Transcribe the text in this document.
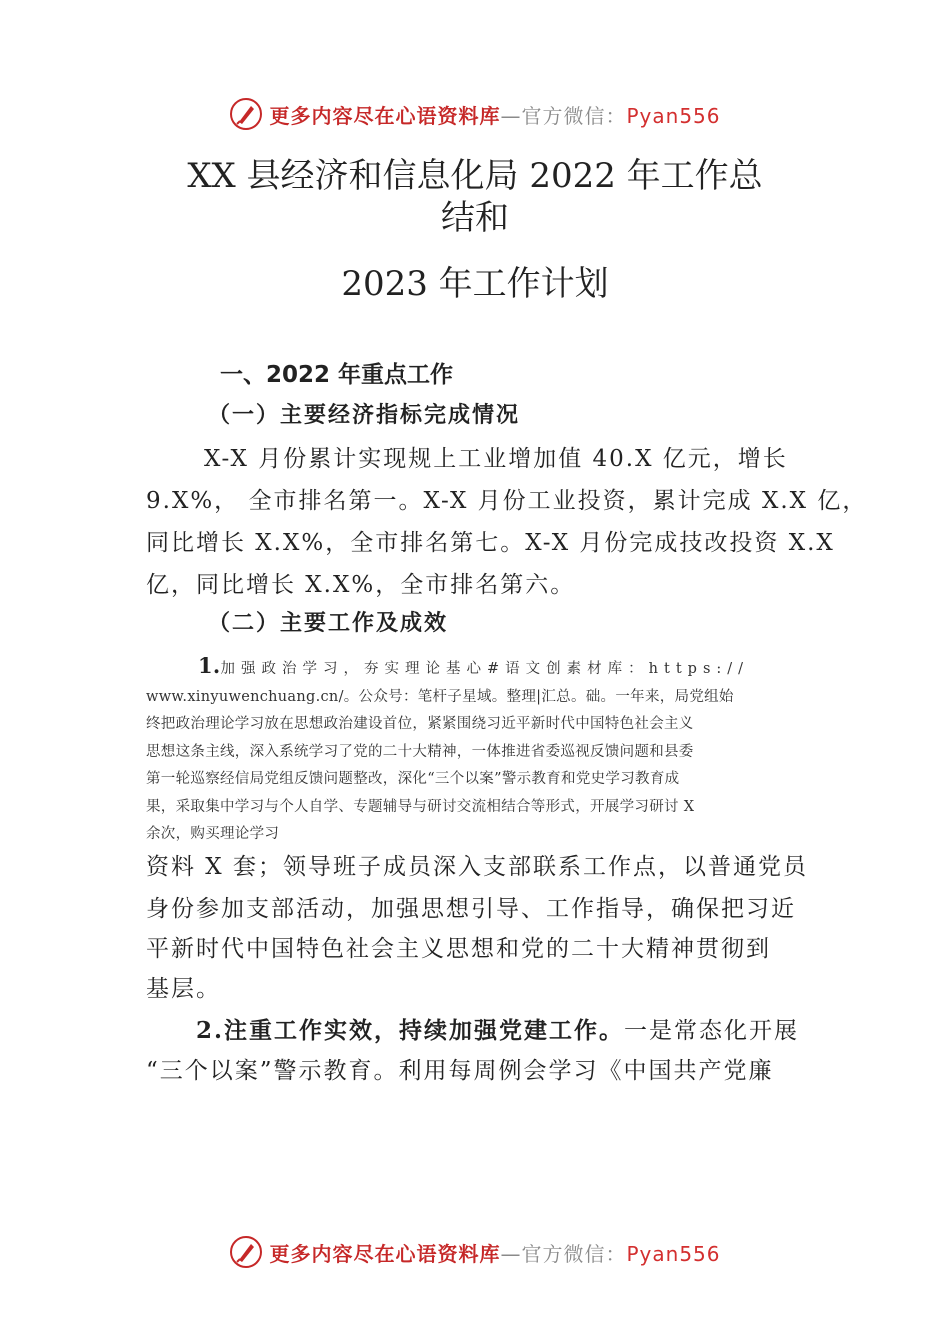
更多内容尽在心语资料库—官方微信：Pyan556
XX 县经济和信息化局 2022 年工作总
结和
2023 年工作计划
一、2022 年重点工作
（一）主要经济指标完成情况
X-X 月份累计实现规上工业增加值 40.X 亿元，增长
9.X%， 全市排名第一。X-X 月份工业投资，累计完成 X.X 亿，
同比增长 X.X%，全市排名第七。X-X 月份完成技改投资 X.X
亿，同比增长 X.X%，全市排名第六。
（二）主要工作及成效
1.加强政治学习，夯实理论基心#语文创素材库：https://
www.xinyuwenchuang.cn/。公众号：笔杆子星域。整理|汇总。础。一年来，局党组始
终把政治理论学习放在思想政治建设首位，紧紧围绕习近平新时代中国特色社会主义
思想这条主线，深入系统学习了党的二十大精神，一体推进省委巡视反馈问题和县委
第一轮巡察经信局党组反馈问题整改，深化“三个以案”警示教育和党史学习教育成
果，采取集中学习与个人自学、专题辅导与研讨交流相结合等形式，开展学习研讨 X
余次，购买理论学习
资料 X 套；领导班子成员深入支部联系工作点，以普通党员
身份参加支部活动，加强思想引导、工作指导，确保把习近
平新时代中国特色社会主义思想和党的二十大精神贯彻到
基层。
2.注重工作实效，持续加强党建工作。一是常态化开展
“三个以案”警示教育。利用每周例会学习《中国共产党廉
更多内容尽在心语资料库—官方微信：Pyan556
